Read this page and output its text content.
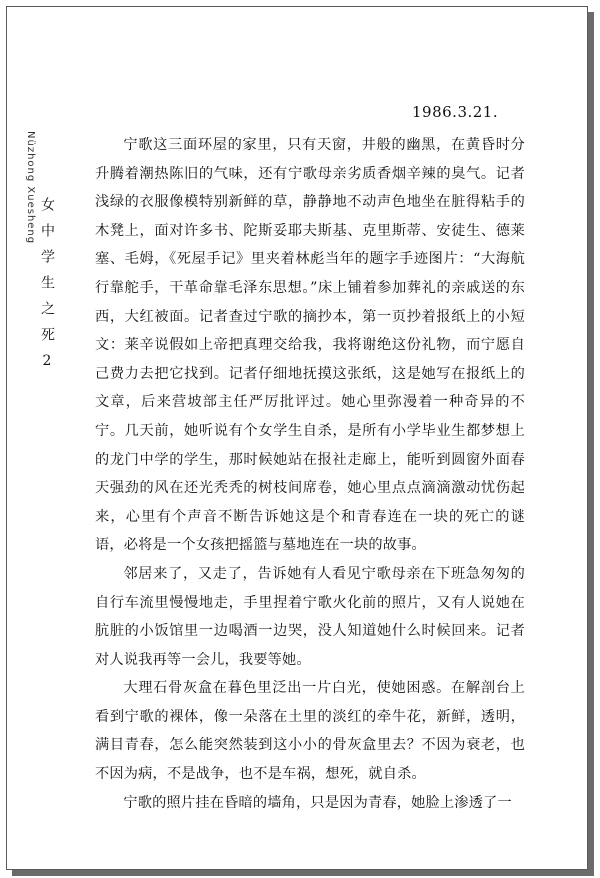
Nüzhong Xuesheng
女中学生之死2
1986.3.21.

宁歌这三面环屋的家里，只有天窗，井般的幽黑，在黄昏时分升腾着潮热陈旧的气味，还有宁歌母亲劣质香烟辛辣的臭气。记者浅绿的衣服像模特别新鲜的草，静静地不动声色地坐在脏得粘手的木凳上，面对许多书、陀斯妥耶夫斯基、克里斯蒂、安徒生、德莱塞、毛姆，《死屋手记》里夹着林彪当年的题字手迹图片：“大海航行靠舵手，干革命靠毛泽东思想。”床上铺着参加葬礼的亲戚送的东西，大红被面。记者查过宁歌的摘抄本，第一页抄着报纸上的小短文：莱辛说假如上帝把真理交给我，我将谢绝这份礼物，而宁愿自己费力去把它找到。记者仔细地抚摸这张纸，这是她写在报纸上的文章，后来营坡部主任严厉批评过。她心里弥漫着一种奇异的不宁。几天前，她听说有个女学生自杀，是所有小学毕业生都梦想上的龙门中学的学生，那时候她站在报社走廊上，能听到圆窗外面春天强劲的风在还光秃秃的树枝间席卷，她心里点点滴滴激动忧伤起来，心里有个声音不断告诉她这是个和青春连在一块的死亡的谜语，必将是一个女孩把摇篮与墓地连在一块的故事。

邻居来了，又走了，告诉她有人看见宁歌母亲在下班急匆匆的自行车流里慢慢地走，手里捏着宁歌火化前的照片，又有人说她在肮脏的小饭馆里一边喝酒一边哭，没人知道她什么时候回来。记者对人说我再等一会儿，我要等她。

大理石骨灰盒在暮色里泛出一片白光，使她困惑。在解剖台上看到宁歌的裸体，像一朵落在土里的淡红的牵牛花，新鲜，透明，满目青春，怎么能突然装到这小小的骨灰盒里去？不因为衰老，也不因为病，不是战争，也不是车祸，想死，就自杀。

宁歌的照片挂在昏暗的墙角，只是因为青春，她脸上渗透了一
